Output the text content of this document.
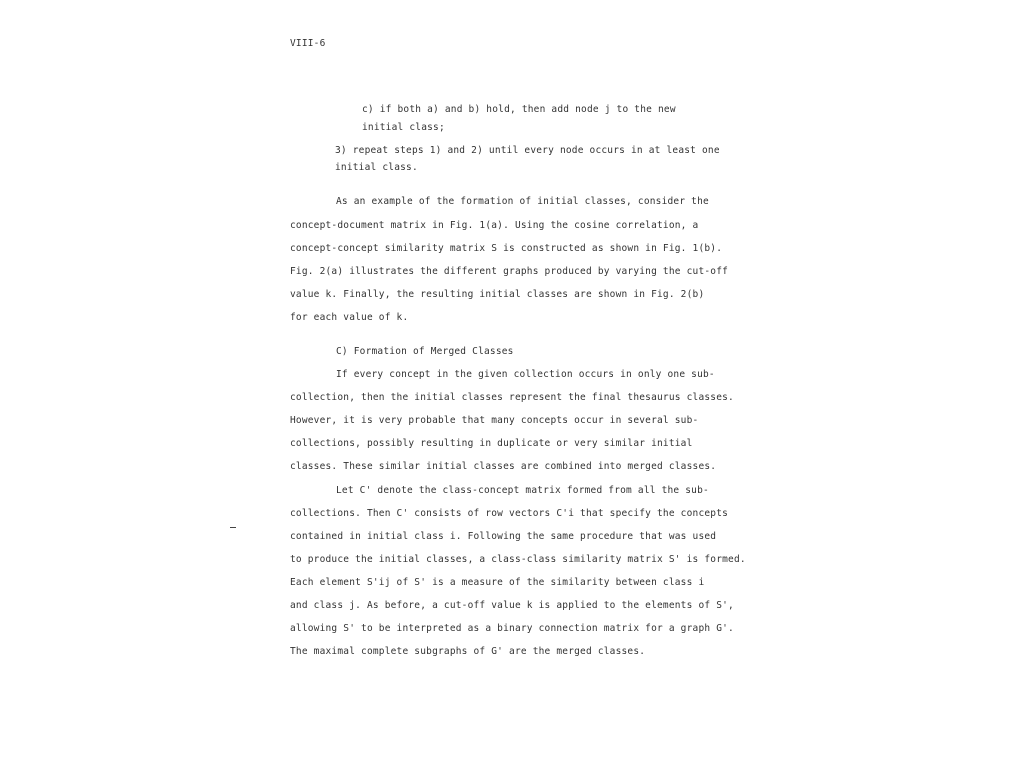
VIII-6
c) if both a) and b) hold, then add node j to the new
initial class;
3) repeat steps 1) and 2) until every node occurs in at least one
initial class.
As an example of the formation of initial classes, consider the
concept-document matrix in Fig. 1(a). Using the cosine correlation, a
concept-concept similarity matrix S is constructed as shown in Fig. 1(b).
Fig. 2(a) illustrates the different graphs produced by varying the cut-off
value k. Finally, the resulting initial classes are shown in Fig. 2(b)
for each value of k.
C) Formation of Merged Classes
If every concept in the given collection occurs in only one sub-
collection, then the initial classes represent the final thesaurus classes.
However, it is very probable that many concepts occur in several sub-
collections, possibly resulting in duplicate or very similar initial
classes. These similar initial classes are combined into merged classes.
Let C' denote the class-concept matrix formed from all the sub-
collections. Then C' consists of row vectors C'i that specify the concepts
contained in initial class i. Following the same procedure that was used
to produce the initial classes, a class-class similarity matrix S' is formed.
Each element S'ij of S' is a measure of the similarity between class i
and class j. As before, a cut-off value k is applied to the elements of S',
allowing S' to be interpreted as a binary connection matrix for a graph G'.
The maximal complete subgraphs of G' are the merged classes.
